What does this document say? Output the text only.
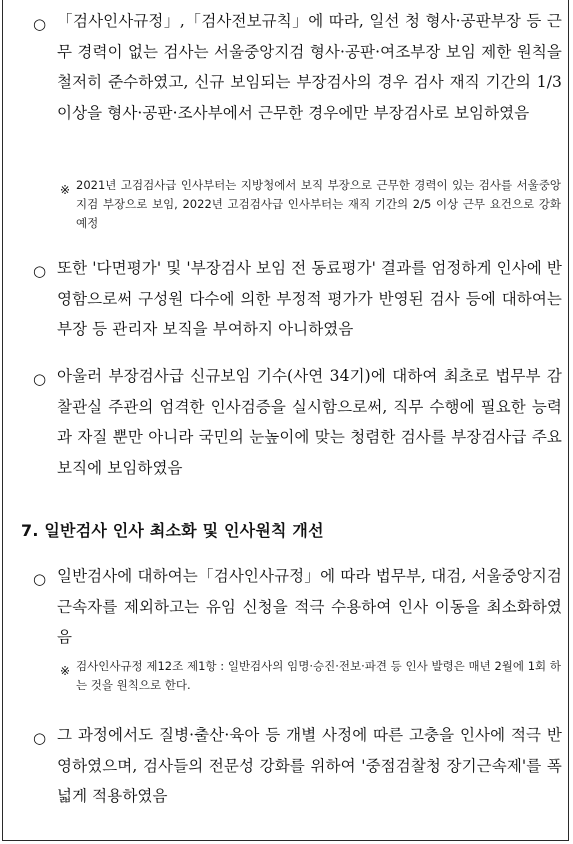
○ 「검사인사규정」,「검사전보규칙」에 따라, 일선 청 형사·공판부장 등 근무 경력이 없는 검사는 서울중앙지검 형사·공판·여조부장 보임 제한 원칙을 철저히 준수하였고, 신규 보임되는 부장검사의 경우 검사 재직 기간의 1/3 이상을 형사·공판·조사부에서 근무한 경우에만 부장검사로 보임하였음
※ 2021년 고검검사급 인사부터는 지방청에서 보직 부장으로 근무한 경력이 있는 검사를 서울중앙지검 부장으로 보임, 2022년 고검검사급 인사부터는 재직 기간의 2/5 이상 근무 요건으로 강화 예정
○ 또한 '다면평가' 및 '부장검사 보임 전 동료평가' 결과를 엄정하게 인사에 반영함으로써 구성원 다수에 의한 부정적 평가가 반영된 검사 등에 대하여는 부장 등 관리자 보직을 부여하지 아니하였음
○ 아울러 부장검사급 신규보임 기수(사연 34기)에 대하여 최초로 법무부 감찰관실 주관의 엄격한 인사검증을 실시함으로써, 직무 수행에 필요한 능력과 자질 뿐만 아니라 국민의 눈높이에 맞는 청렴한 검사를 부장검사급 주요 보직에 보임하였음
7. 일반검사 인사 최소화 및 인사원칙 개선
○ 일반검사에 대하여는「검사인사규정」에 따라 법무부, 대검, 서울중앙지검 근속자를 제외하고는 유임 신청을 적극 수용하여 인사 이동을 최소화하였음
※ 검사인사규정 제12조 제1항 : 일반검사의 임명·승진·전보·파견 등 인사 발령은 매년 2월에 1회 하는 것을 원칙으로 한다.
○ 그 과정에서도 질병·출산·육아 등 개별 사정에 따른 고충을 인사에 적극 반영하였으며, 검사들의 전문성 강화를 위하여 '중점검찰청 장기근속제'를 폭넓게 적용하였음
